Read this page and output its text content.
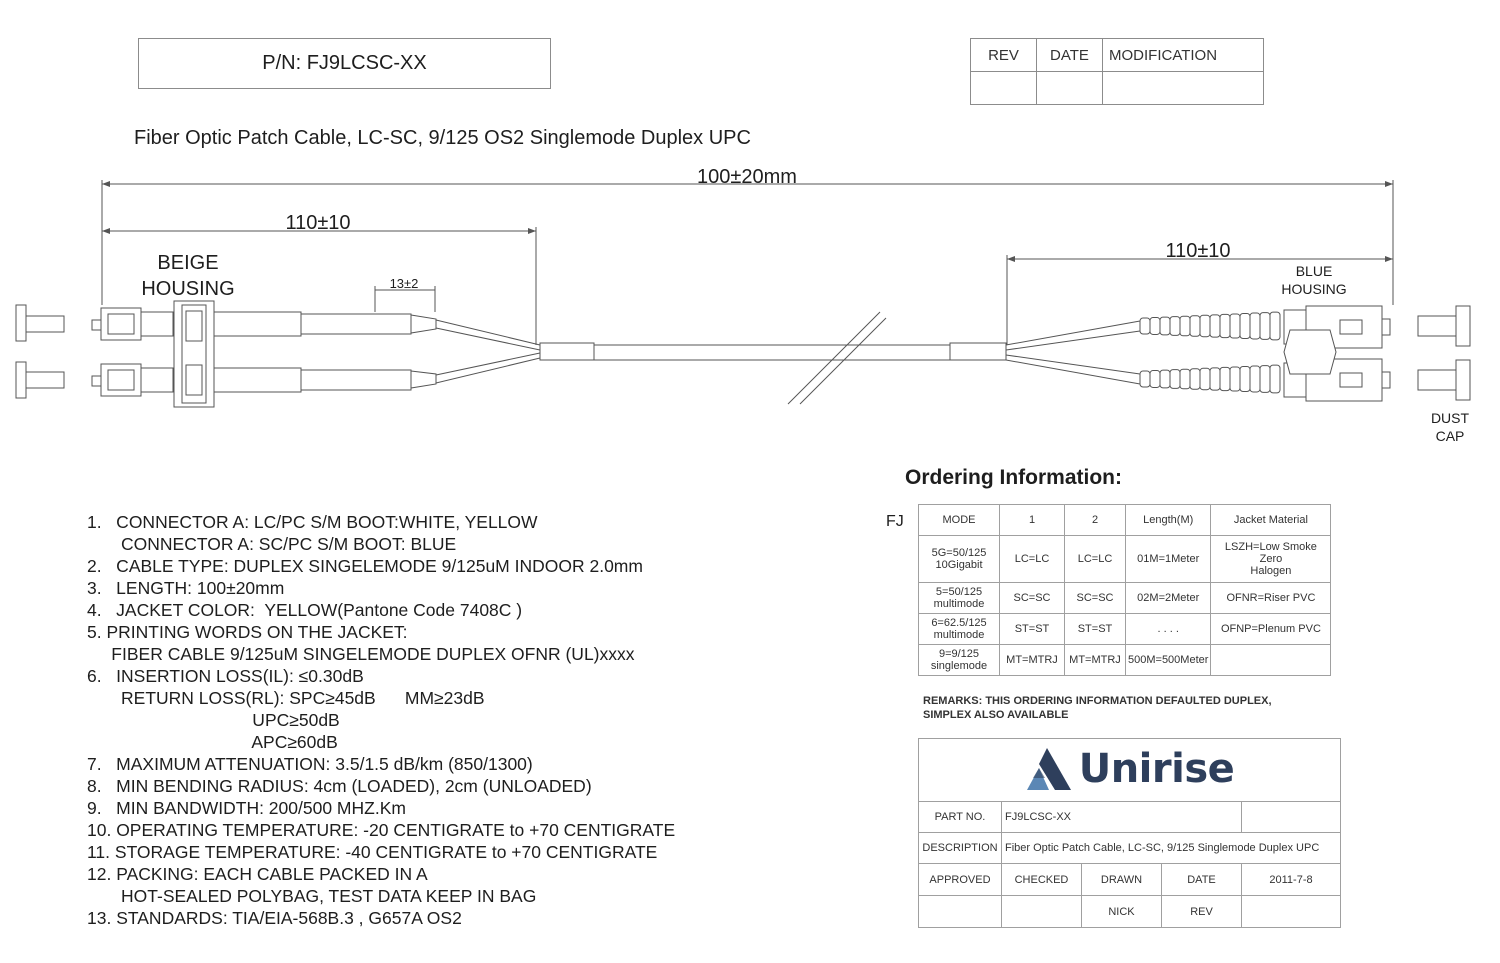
P/N: FJ9LCSC-XX	REV	DATE	MODIFICATION

Fiber Optic Patch Cable, LC-SC, 9/125 OS2 Singlemode Duplex UPC
100±20mm
110±10
110±10
13±2
BEIGE
HOUSING
BLUE
HOUSING
DUST
CAP
1.   CONNECTOR A: LC/PC S/M BOOT:WHITE, YELLOW
CONNECTOR A: SC/PC S/M BOOT: BLUE
2.   CABLE TYPE: DUPLEX SINGELEMODE 9/125uM INDOOR 2.0mm
3.   LENGTH: 100±20mm
4.   JACKET COLOR:  YELLOW(Pantone Code 7408C )
5. PRINTING WORDS ON THE JACKET:
FIBER CABLE 9/125uM SINGELEMODE DUPLEX OFNR (UL)xxxx
6.   INSERTION LOSS(IL): ≤0.30dB
RETURN LOSS(RL): SPC≥45dB      MM≥23dB
UPC≥50dB
APC≥60dB
7.   MAXIMUM ATTENUATION: 3.5/1.5 dB/km (850/1300)
8.   MIN BENDING RADIUS: 4cm (LOADED), 2cm (UNLOADED)
9.   MIN BANDWIDTH: 200/500 MHZ.Km
10. OPERATING TEMPERATURE: -20 CENTIGRATE to +70 CENTIGRATE
11. STORAGE TEMPERATURE: -40 CENTIGRATE to +70 CENTIGRATE
12. PACKING: EACH CABLE PACKED IN A
HOT-SEALED POLYBAG, TEST DATA KEEP IN BAG
13. STANDARDS: TIA/EIA-568B.3 , G657A OS2
Ordering Information:
FJ	MODE	1	2	Length(M)	Jacket Material
5G=50/125
10Gigabit	LC=LC	LC=LC	01M=1Meter	LSZH=Low Smoke Zero
Halogen
5=50/125
multimode	SC=SC	SC=SC	02M=2Meter	OFNR=Riser PVC
6=62.5/125
multimode	ST=ST	ST=ST	. . . .	OFNP=Plenum PVC
9=9/125
singlemode	MT=MTRJ	MT=MTRJ	500M=500Meter	
REMARKS: THIS ORDERING INFORMATION DEFAULTED DUPLEX,
SIMPLEX ALSO AVAILABLE
Unirise				

PART NO.	FJ9LCSC-XX			
DESCRIPTION	Fiber Optic Patch Cable, LC-SC, 9/125 Singlemode Duplex UPC			
APPROVED	CHECKED	DRAWN	DATE	2011-7-8
		NICK	REV	
